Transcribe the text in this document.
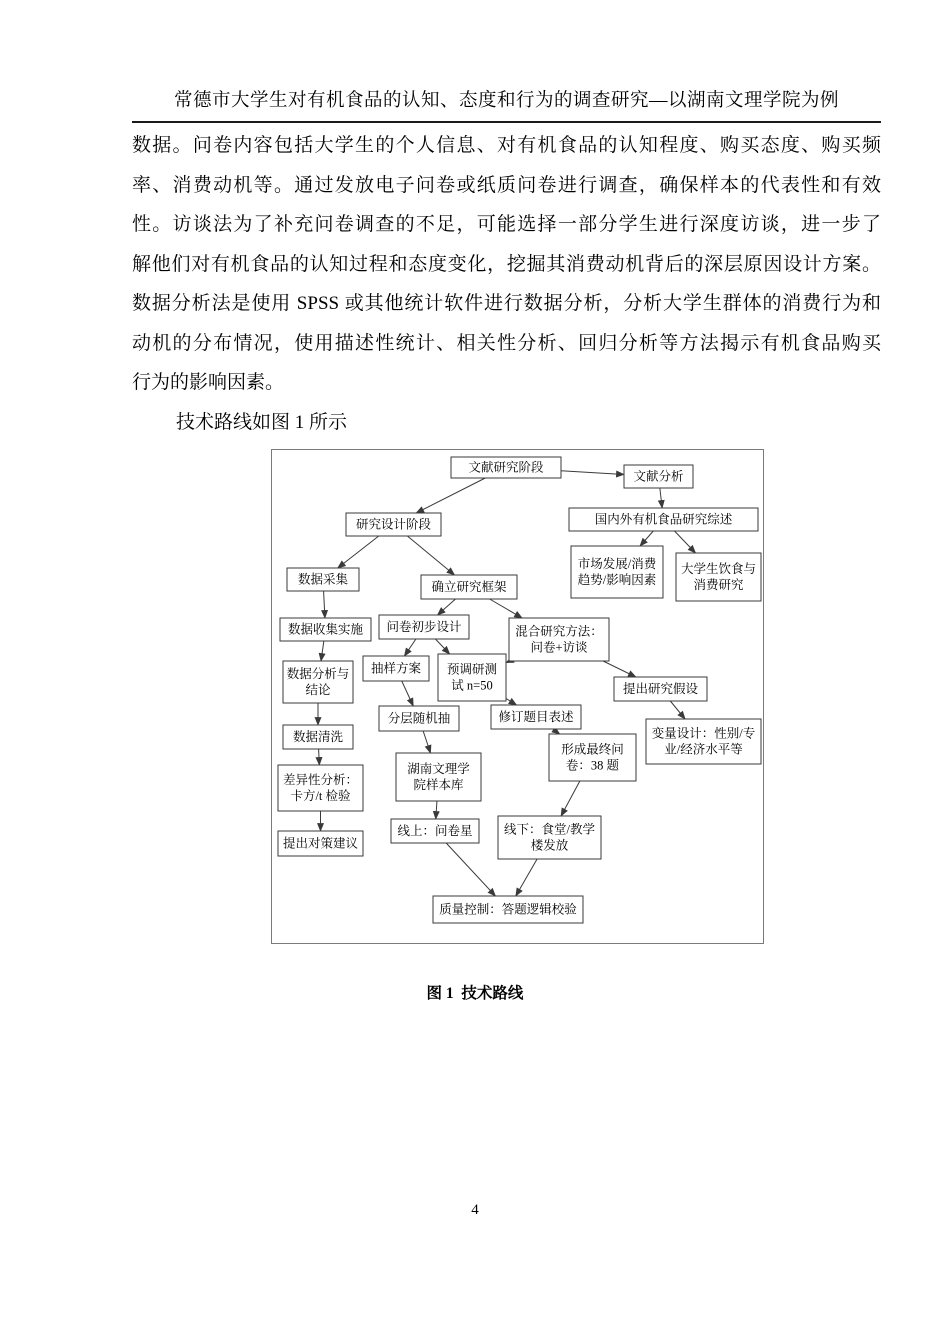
常德市大学生对有机食品的认知、态度和行为的调查研究—以湖南文理学院为例
数据。问卷内容包括大学生的个人信息、对有机食品的认知程度、购买态度、购买频
率、消费动机等。通过发放电子问卷或纸质问卷进行调查，确保样本的代表性和有效
性。访谈法为了补充问卷调查的不足，可能选择一部分学生进行深度访谈，进一步了
解他们对有机食品的认知过程和态度变化，挖掘其消费动机背后的深层原因设计方案。
数据分析法是使用 SPSS 或其他统计软件进行数据分析，分析大学生群体的消费行为和
动机的分布情况，使用描述性统计、相关性分析、回归分析等方法揭示有机食品购买
行为的影响因素。
技术路线如图 1 所示
文献研究阶段
文献分析
国内外有机食品研究综述
研究设计阶段
市场发展/消费
趋势/影响因素
大学生饮食与
消费研究
数据采集
确立研究框架
数据收集实施 问卷初步设计	混合研究方法：
问卷+访谈
数据分析与
结论
抽样方案 预调研测
试 n=50	提出研究假设
修订题目表述
分层随机抽
数据清洗	变量设计：性别/专
业/经济水平等
形成最终问
卷：38 题
差异性分析：
卡方/t 检验
湖南文理学
院样本库
提出对策建议
线上：问卷星	线下：食堂/教学
楼发放
质量控制：答题逻辑校验
图 1  技术路线
4
